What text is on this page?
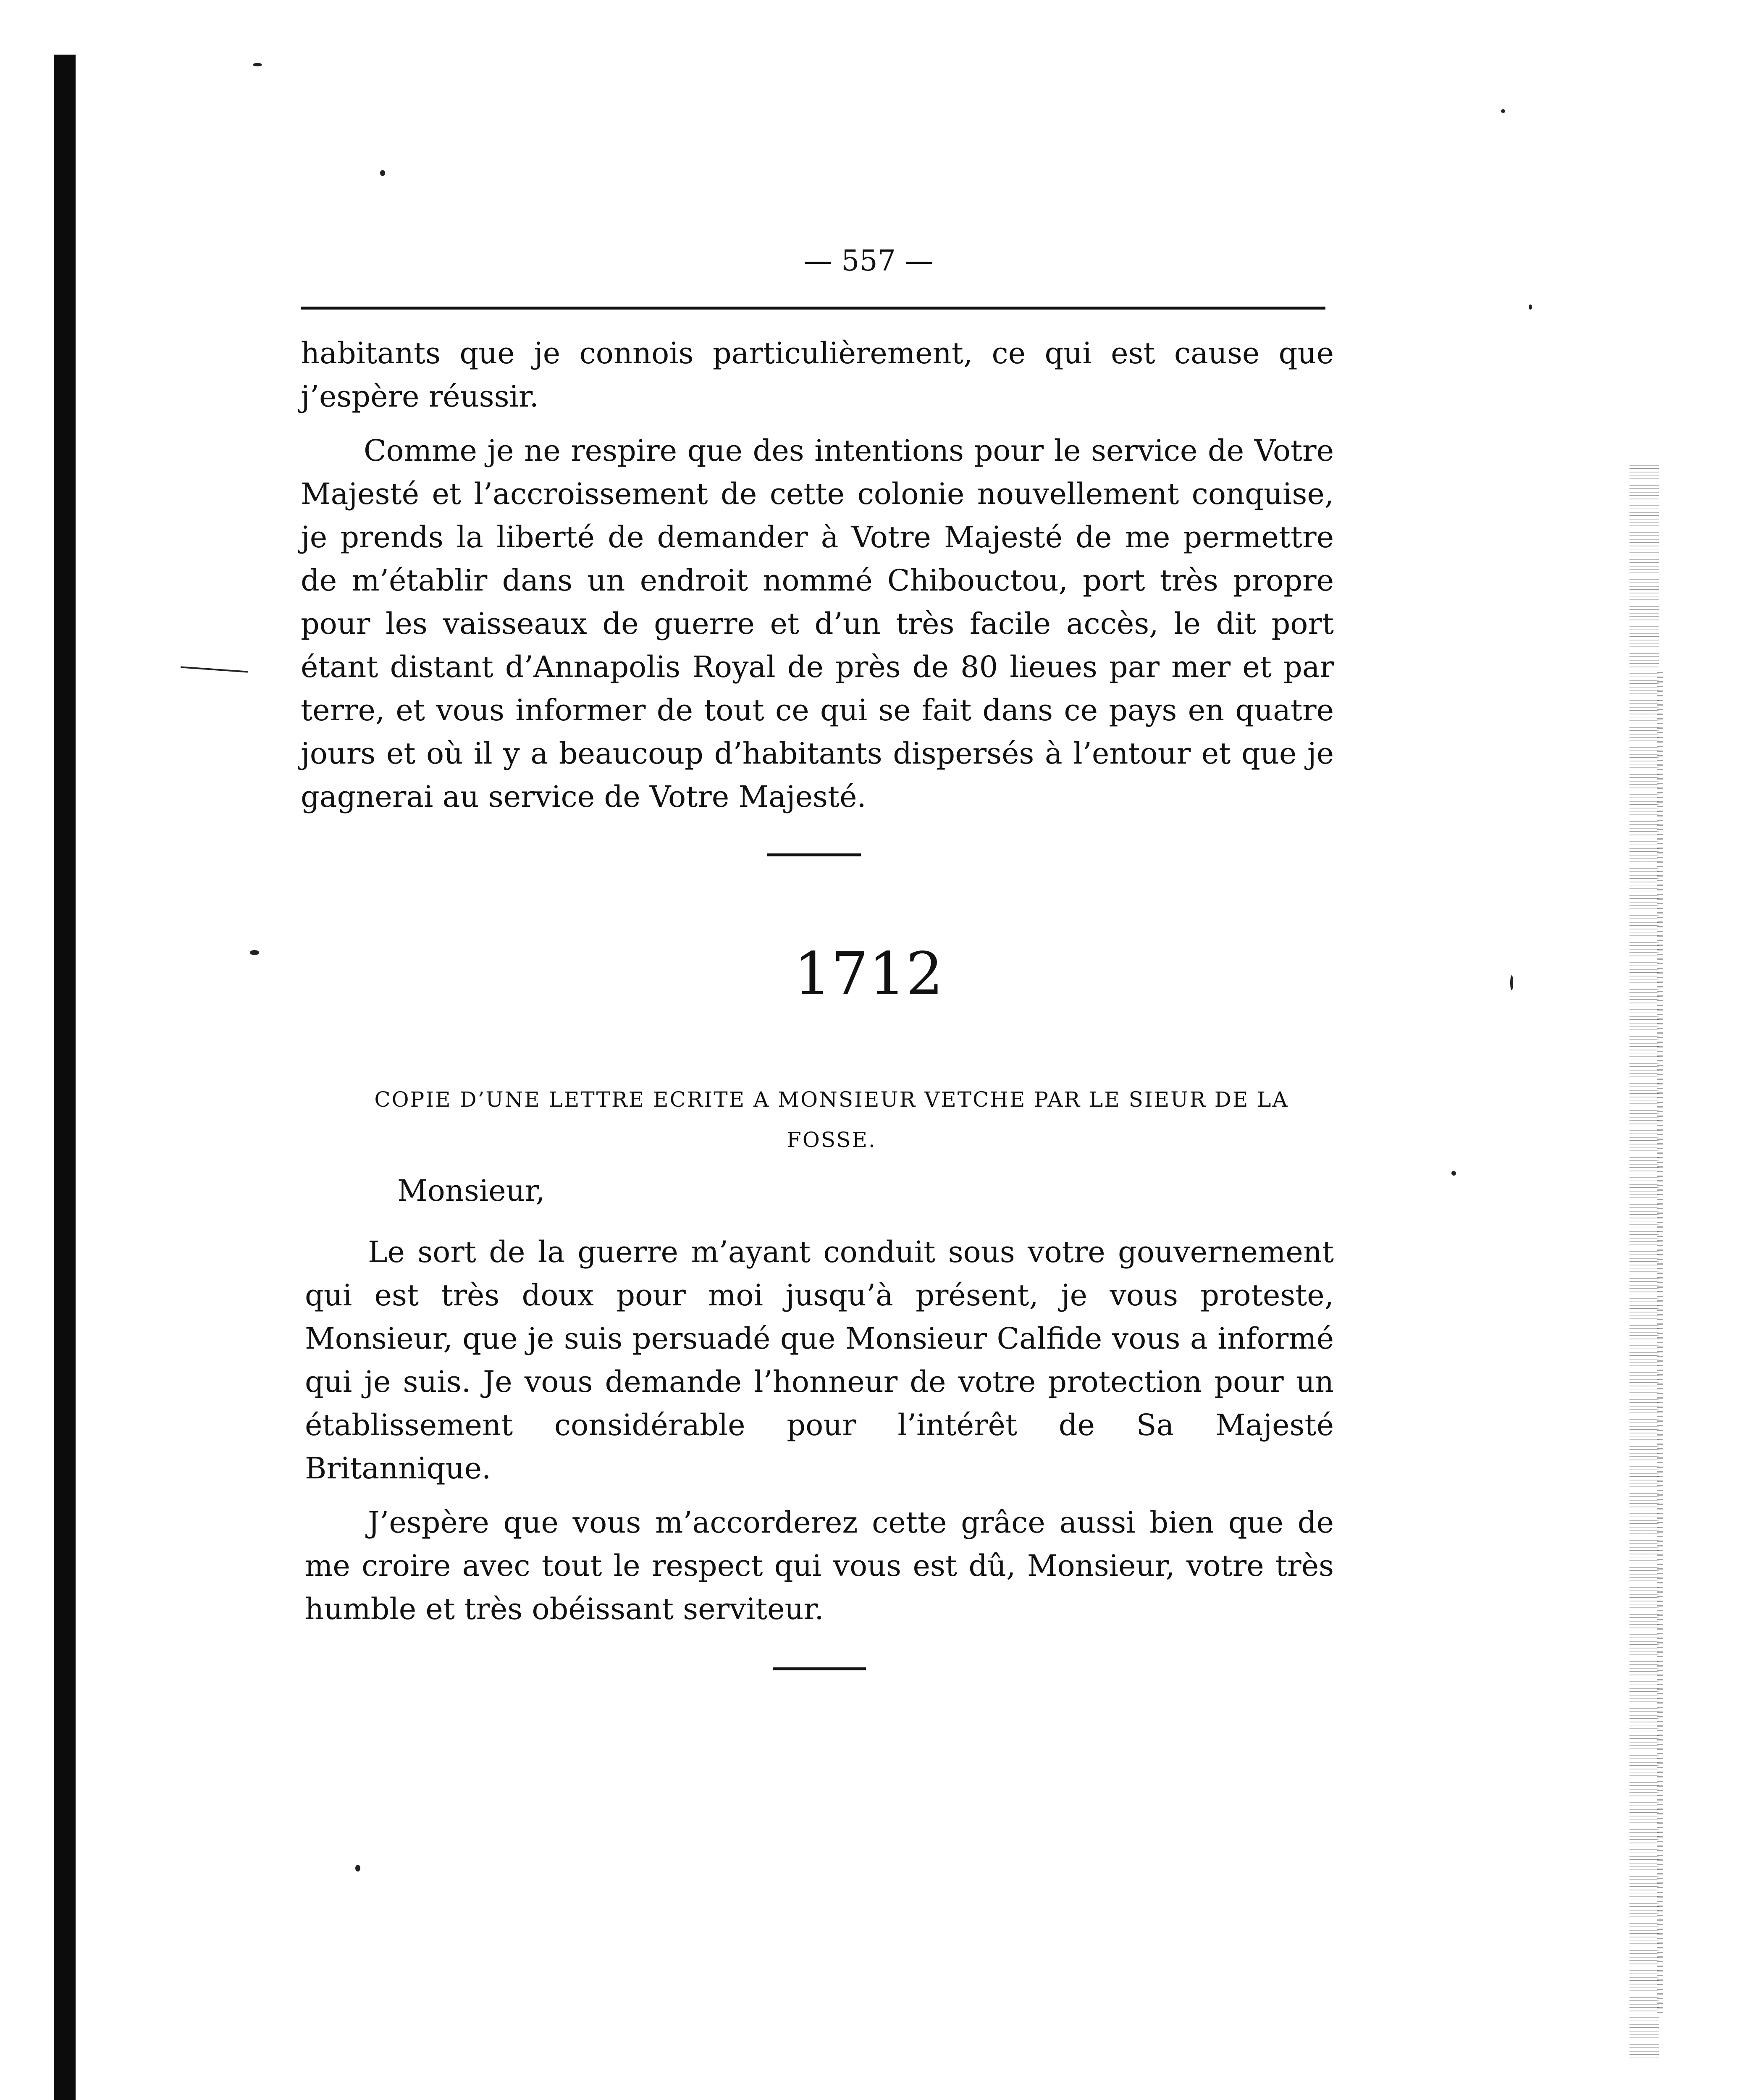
— 557 —

habitants que je connois particulièrement, ce qui est cause que j’espère réussir.

Comme je ne respire que des intentions pour le service de Votre Majesté et l’accroissement de cette colonie nouvellement conquise, je prends la liberté de demander à Votre Majesté de me permettre de m’établir dans un endroit nommé Chibouctou, port très propre pour les vaisseaux de guerre et d’un très facile accès, le dit port étant distant d’Annapolis Royal de près de 80 lieues par mer et par terre, et vous informer de tout ce qui se fait dans ce pays en quatre jours et où il y a beaucoup d’habitants dispersés à l’entour et que je gagnerai au service de Votre Majesté.

1712
COPIE D’UNE LETTRE ECRITE A MONSIEUR VETCHE PAR LE SIEUR DE LA FOSSE.
Monsieur,

Le sort de la guerre m’ayant conduit sous votre gouvernement qui est très doux pour moi jusqu’à présent, je vous proteste, Monsieur, que je suis persuadé que Monsieur Calfide vous a informé qui je suis. Je vous demande l’honneur de votre protection pour un établissement considérable pour l’intérêt de Sa Majesté Britannique.

J’espère que vous m’accorderez cette grâce aussi bien que de me croire avec tout le respect qui vous est dû, Monsieur, votre très humble et très obéissant serviteur.
